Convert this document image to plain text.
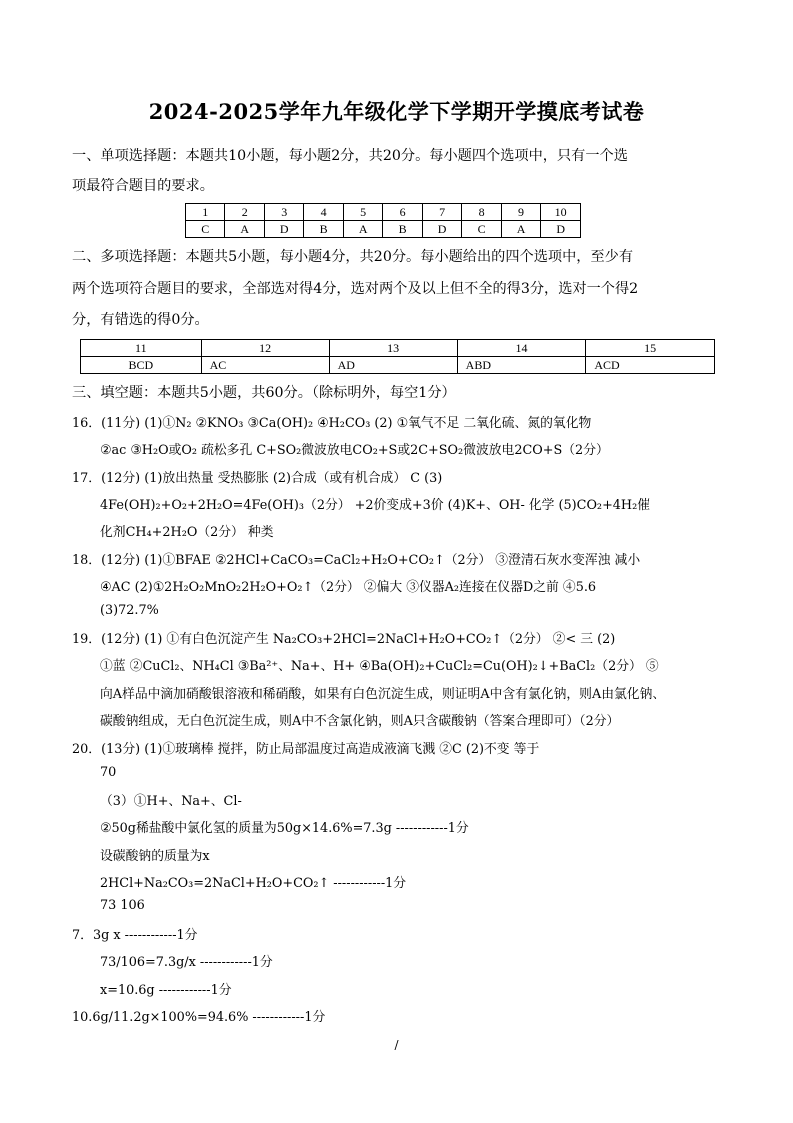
2024-2025学年九年级化学下学期开学摸底考试卷
一、单项选择题：本题共10小题，每小题2分，共20分。每小题四个选项中，只有一个选
项最符合题目的要求。
1	2	3	4	5	6	7	8	9	10
C	A	D	B	A	B	D	C	A	D
二、多项选择题：本题共5小题，每小题4分，共20分。每小题给出的四个选项中，至少有
两个选项符合题目的要求，全部选对得4分，选对两个及以上但不全的得3分，选对一个得2
分，有错选的得0分。
11	12	13	14	15
BCD	AC	AD	ABD	ACD
三、填空题：本题共5小题，共60分。（除标明外，每空1分）
16．(11分) (1)①N₂ ②KNO₃ ③Ca(OH)₂ ④H₂CO₃ (2) ①氧气不足 二氧化硫、氮的氧化物
②ac ③H₂O或O₂ 疏松多孔 C+SO₂微波放电CO₂+S或2C+SO₂微波放电2CO+S（2分）
17．(12分) (1)放出热量 受热膨胀 (2)合成（或有机合成） C (3)
4Fe(OH)₂+O₂+2H₂O=4Fe(OH)₃（2分） +2价变成+3价 (4)K+、OH- 化学 (5)CO₂+4H₂催
化剂CH₄+2H₂O（2分） 种类
18．(12分) (1)①BFAE ②2HCl+CaCO₃=CaCl₂+H₂O+CO₂↑（2分） ③澄清石灰水变浑浊 减小
④AC (2)①2H₂O₂MnO₂2H₂O+O₂↑（2分） ②偏大 ③仪器A₂连接在仪器D之前 ④5.6
(3)72.7%
19．(12分) (1) ①有白色沉淀产生 Na₂CO₃+2HCl=2NaCl+H₂O+CO₂↑（2分） ②< 三 (2)
①蓝 ②CuCl₂、NH₄Cl ③Ba²⁺、Na+、H+ ④Ba(OH)₂+CuCl₂=Cu(OH)₂↓+BaCl₂（2分） ⑤
向A样品中滴加硝酸银溶液和稀硝酸，如果有白色沉淀生成，则证明A中含有氯化钠，则A由氯化钠、
碳酸钠组成，无白色沉淀生成，则A中不含氯化钠，则A只含碳酸钠（答案合理即可）（2分）
20．(13分) (1)①玻璃棒 搅拌，防止局部温度过高造成液滴飞溅 ②C (2)不变 等于
70
（3）①H+、Na+、Cl-
②50g稀盐酸中氯化氢的质量为50g×14.6%=7.3g ------------1分
设碳酸钠的质量为x
2HCl+Na₂CO₃=2NaCl+H₂O+CO₂↑ ------------1分
73 106
7．3g x ------------1分
73/106=7.3g/x ------------1分
x=10.6g ------------1分
10.6g/11.2g×100%=94.6% ------------1分
/
